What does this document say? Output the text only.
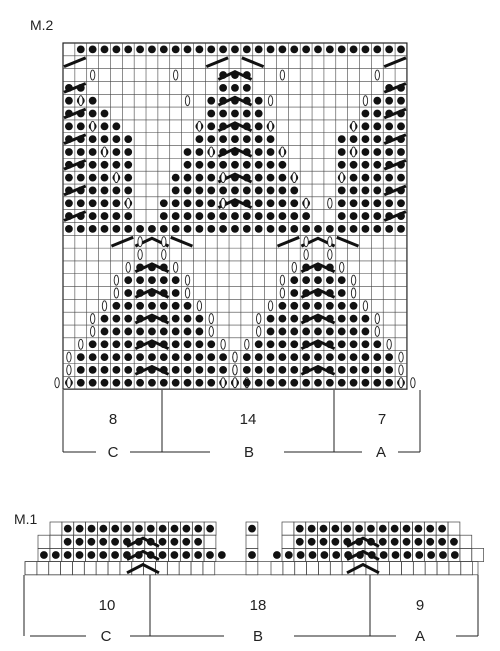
M.2
M.1
8	14	7
C	B	A
10	18	9
C	B	A
